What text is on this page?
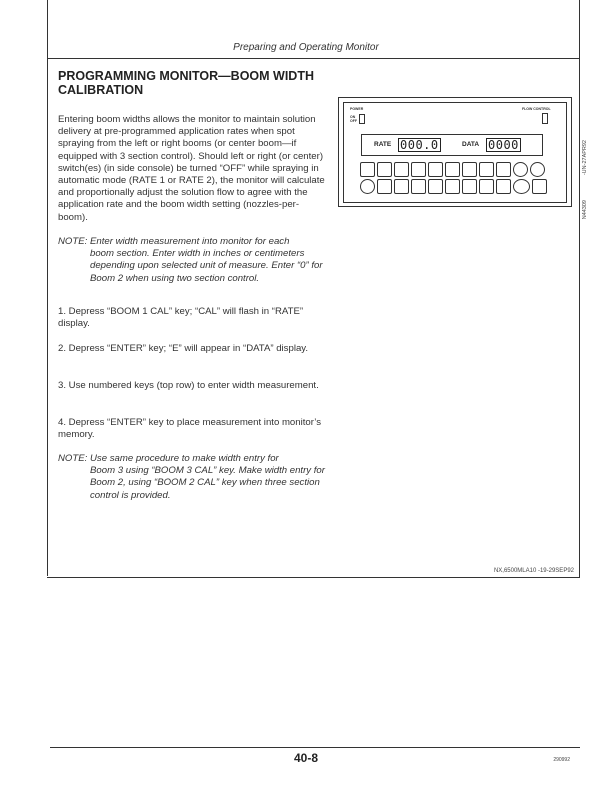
Preparing and Operating Monitor
PROGRAMMING MONITOR—BOOM WIDTH CALIBRATION

Entering boom widths allows the monitor to maintain solution delivery at pre-programmed application rates when spot spraying from the left or right booms (or center boom—if equipped with 3 section control). Should left or right (or center) switch(es) (in side console) be turned “OFF” while spraying in automatic mode (RATE 1 or RATE 2), the monitor will calculate and proportionally adjust the solution flow to agree with the application rate and the boom width setting (nozzles-per-boom).

NOTE: Enter width measurement into monitor for each
boom section. Enter width in inches or centimeters depending upon selected unit of measure. Enter “0” for Boom 2 when using two section control.

1. Depress “BOOM 1 CAL” key; “CAL” will flash in “RATE” display.

2. Depress “ENTER” key; “E” will appear in “DATA” display.

3. Use numbered keys (top row) to enter width measurement.

4. Depress “ENTER” key to place measurement into monitor’s memory.

NOTE: Use same procedure to make width entry for
Boom 3 using “BOOM 3 CAL” key. Make width entry for Boom 2, using “BOOM 2 CAL” key when three section control is provided.

POWER
ON
OFF
FLOW CONTROL
RATE 000.0	DATA 0000	-UN-27APR92
N44309
NX,6500MLA10 -19-29SEP92
40-8	290992
